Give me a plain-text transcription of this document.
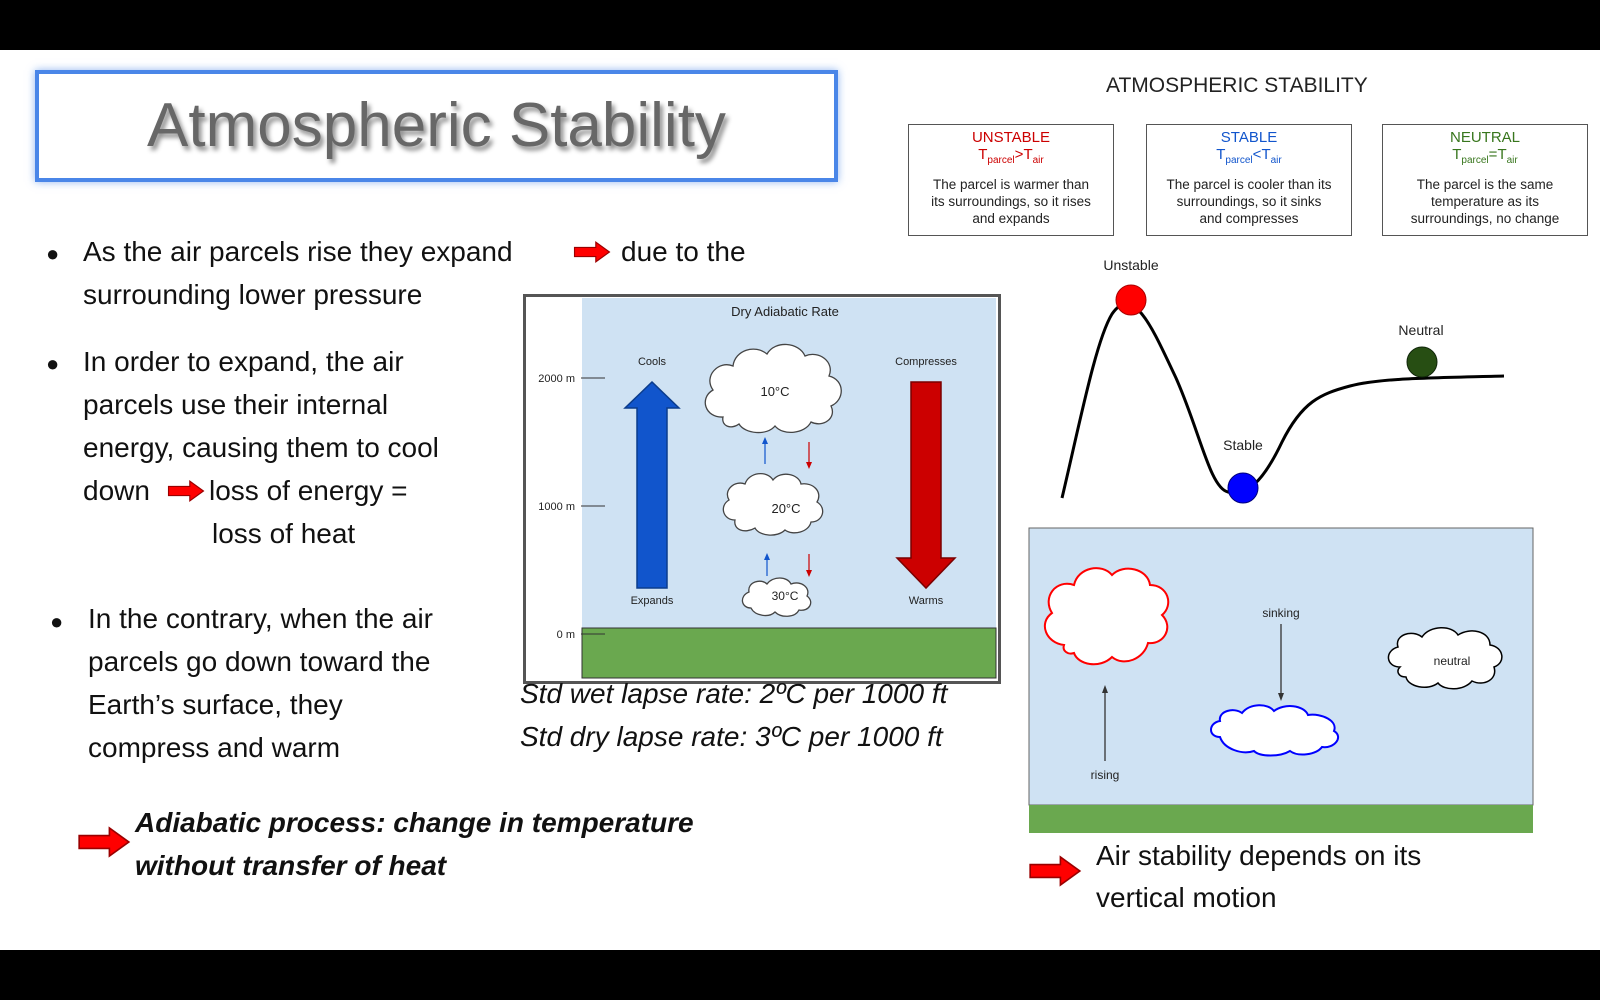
Atmospheric Stability
● As the air parcels rise they expand	due to the
surrounding lower pressure
● In order to expand, the air
parcels use their internal
energy, causing them to cool
down loss of energy =
loss of heat
● In the contrary, when the air
parcels go down toward the
Earth’s surface, they
compress and warm
Adiabatic process: change in temperature
without transfer of heat
Dry Adiabatic Rate
2000 m
1000 m
0 m
Cools
Expands
Compresses
Warms
10°C
20°C
30°C
Std wet lapse rate: 2ºC per 1000 ft
Std dry lapse rate: 3ºC per 1000 ft
ATMOSPHERIC STABILITY
UNSTABLE
$T_{parcel}>T_{air}$
The parcel is warmer than
its surroundings, so it rises
and expands
STABLE
$T_{parcel}<T_{air}$
The parcel is cooler than its
surroundings, so it sinks
and compresses
NEUTRAL
$T_{parcel}=T_{air}$
The parcel is the same
temperature as its
surroundings, no change
Unstable
Stable
Neutral
neutral
sinking
rising
Air stability depends on its
vertical motion
